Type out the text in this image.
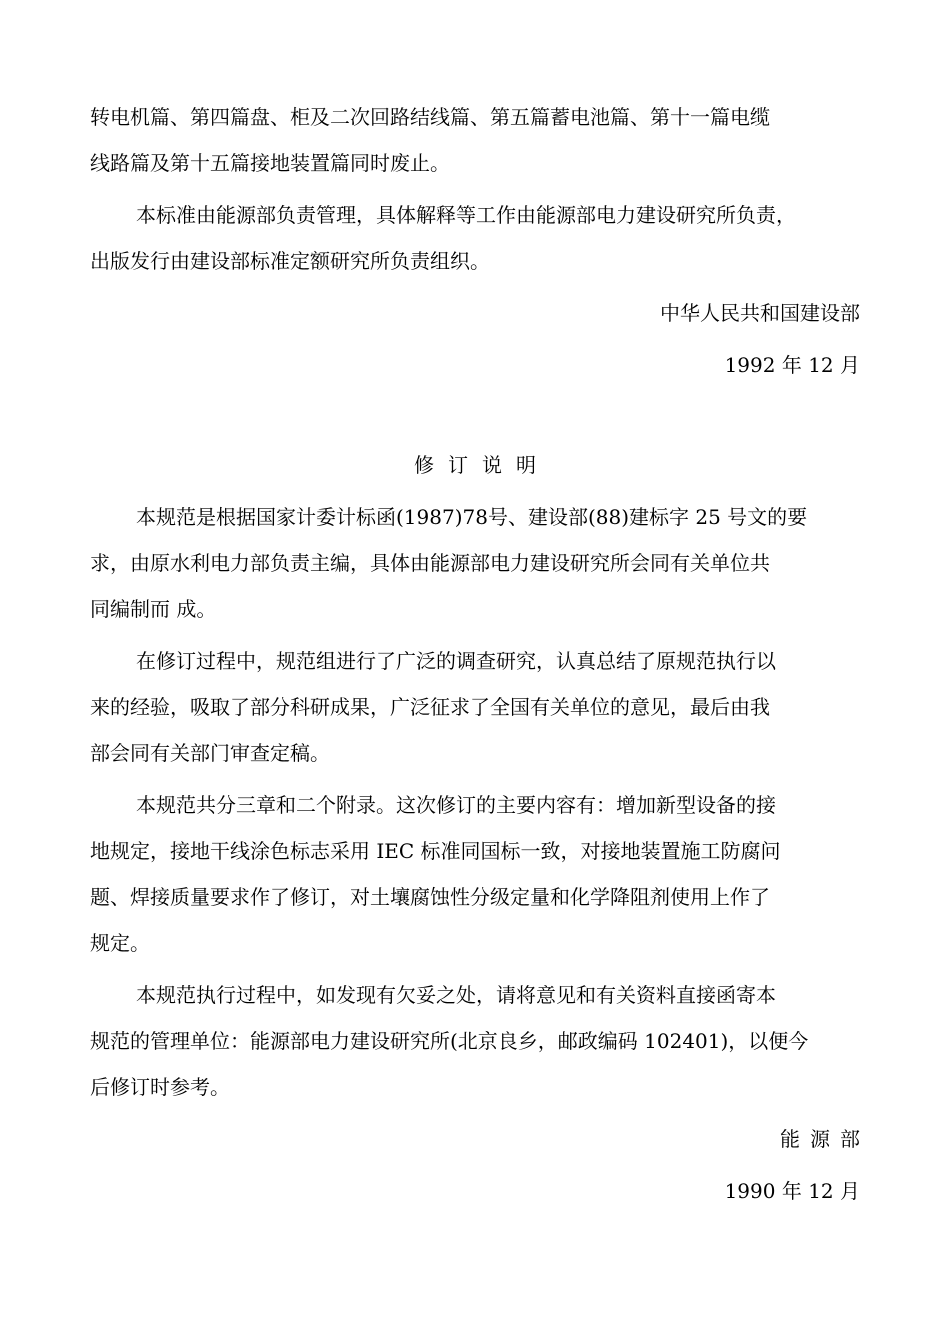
转电机篇、第四篇盘、柜及二次回路结线篇、第五篇蓄电池篇、第十一篇电缆
线路篇及第十五篇接地装置篇同时废止。
本标准由能源部负责管理，具体解释等工作由能源部电力建设研究所负责，
出版发行由建设部标准定额研究所负责组织。
中华人民共和国建设部
1992 年 12 月
修订说明
本规范是根据国家计委计标函(1987)78号、建设部(88)建标字 25 号文的要
求，由原水利电力部负责主编，具体由能源部电力建设研究所会同有关单位共
同编制而 成。
在修订过程中，规范组进行了广泛的调查研究，认真总结了原规范执行以
来的经验，吸取了部分科研成果，广泛征求了全国有关单位的意见，最后由我
部会同有关部门审查定稿。
本规范共分三章和二个附录。这次修订的主要内容有：增加新型设备的接
地规定，接地干线涂色标志采用 IEC 标准同国标一致，对接地装置施工防腐问
题、焊接质量要求作了修订，对土壤腐蚀性分级定量和化学降阻剂使用上作了
规定。
本规范执行过程中，如发现有欠妥之处，请将意见和有关资料直接函寄本
规范的管理单位：能源部电力建设研究所(北京良乡，邮政编码 102401)，以便今
后修订时参考。
能源部
1990 年 12 月
